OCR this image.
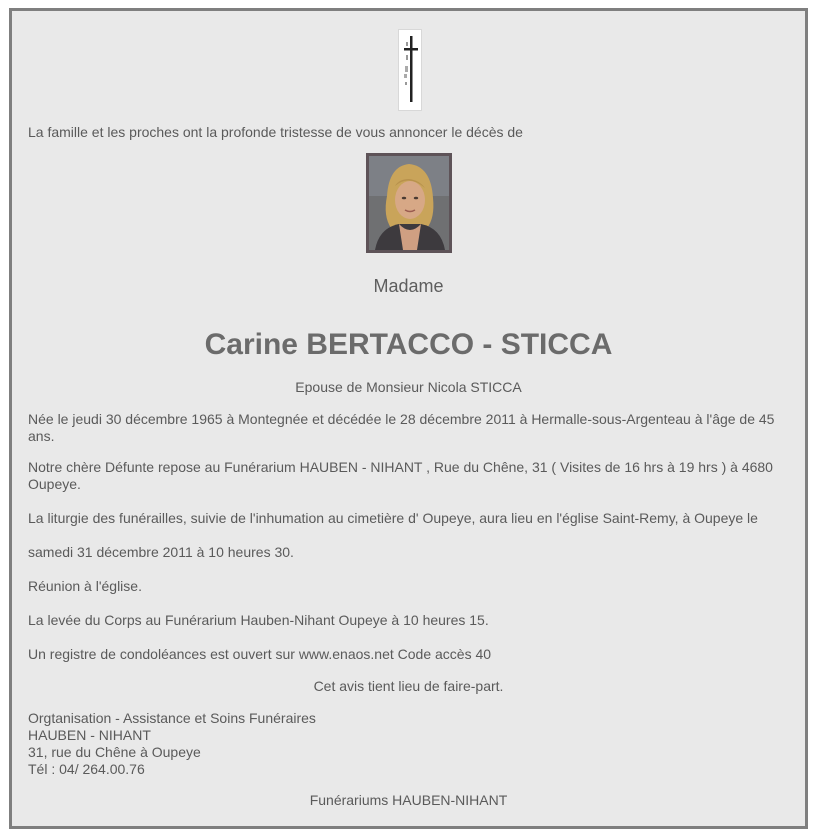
La famille et les proches ont la profonde tristesse de vous annoncer le décès de

Madame

Carine BERTACCO - STICCA

Epouse de Monsieur Nicola STICCA

Née le jeudi 30 décembre 1965 à Montegnée et décédée le 28 décembre 2011 à Hermalle-sous-Argenteau à l'âge de 45 ans.

Notre chère Défunte repose au Funérarium HAUBEN - NIHANT , Rue du Chêne, 31 ( Visites de 16 hrs à 19 hrs ) à 4680 Oupeye.

La liturgie des funérailles, suivie de l'inhumation au cimetière d' Oupeye, aura lieu en l'église Saint-Remy, à Oupeye le

samedi 31 décembre 2011 à 10 heures 30.

Réunion à l'église.

La levée du Corps au Funérarium Hauben-Nihant Oupeye à 10 heures 15.

Un registre de condoléances est ouvert sur www.enaos.net Code accès 40

Cet avis tient lieu de faire-part.

Orgtanisation - Assistance et Soins Funéraires

HAUBEN - NIHANT

31, rue du Chêne à Oupeye

Tél : 04/ 264.00.76

Funérariums HAUBEN-NIHANT
